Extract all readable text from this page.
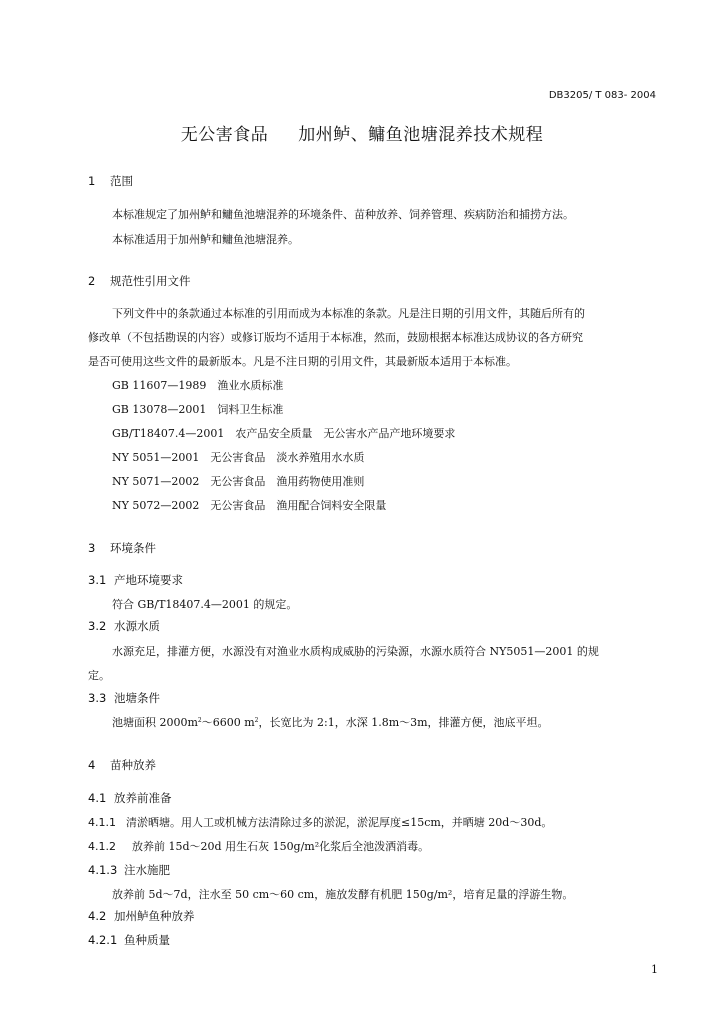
DB3205/ T 083- 2004
无公害食品 加州鲈、鳙鱼池塘混养技术规程
1 范围
本标准规定了加州鲈和鳙鱼池塘混养的环境条件、苗种放养、饲养管理、疾病防治和捕捞方法。
本标准适用于加州鲈和鳙鱼池塘混养。
2 规范性引用文件
下列文件中的条款通过本标准的引用而成为本标准的条款。凡是注日期的引用文件，其随后所有的
修改单（不包括勘误的内容）或修订版均不适用于本标准，然而，鼓励根据本标准达成协议的各方研究
是否可使用这些文件的最新版本。凡是不注日期的引用文件，其最新版本适用于本标准。
GB 11607—1989　渔业水质标准
GB 13078—2001　饲料卫生标准
GB/T18407.4—2001　农产品安全质量　无公害水产品产地环境要求
NY 5051—2001　无公害食品　淡水养殖用水水质
NY 5071—2002　无公害食品　渔用药物使用准则
NY 5072—2002　无公害食品　渔用配合饲料安全限量
3 环境条件
3.1 产地环境要求
符合 GB/T18407.4—2001 的规定。
3.2 水源水质
水源充足，排灌方便，水源没有对渔业水质构成威胁的污染源，水源水质符合 NY5051—2001 的规
定。
3.3 池塘条件
池塘面积 $2000m^2\sim 6600$ $m^2$，长宽比为 2:1，水深 1.8m～3m，排灌方便，池底平坦。
4 苗种放养
4.1 放养前准备
4.1.1 清淤晒塘。用人工或机械方法清除过多的淤泥，淤泥厚度≤15cm，并晒塘 20d～30d。
4.1.2 放养前 15d～20d 用生石灰 150g/m²化浆后全池泼洒消毒。
4.1.3 注水施肥
放养前 5d～7d，注水至 50 cm～60 cm，施放发酵有机肥 150g/m²，培育足量的浮游生物。
4.2 加州鲈鱼种放养
4.2.1 鱼种质量
1
